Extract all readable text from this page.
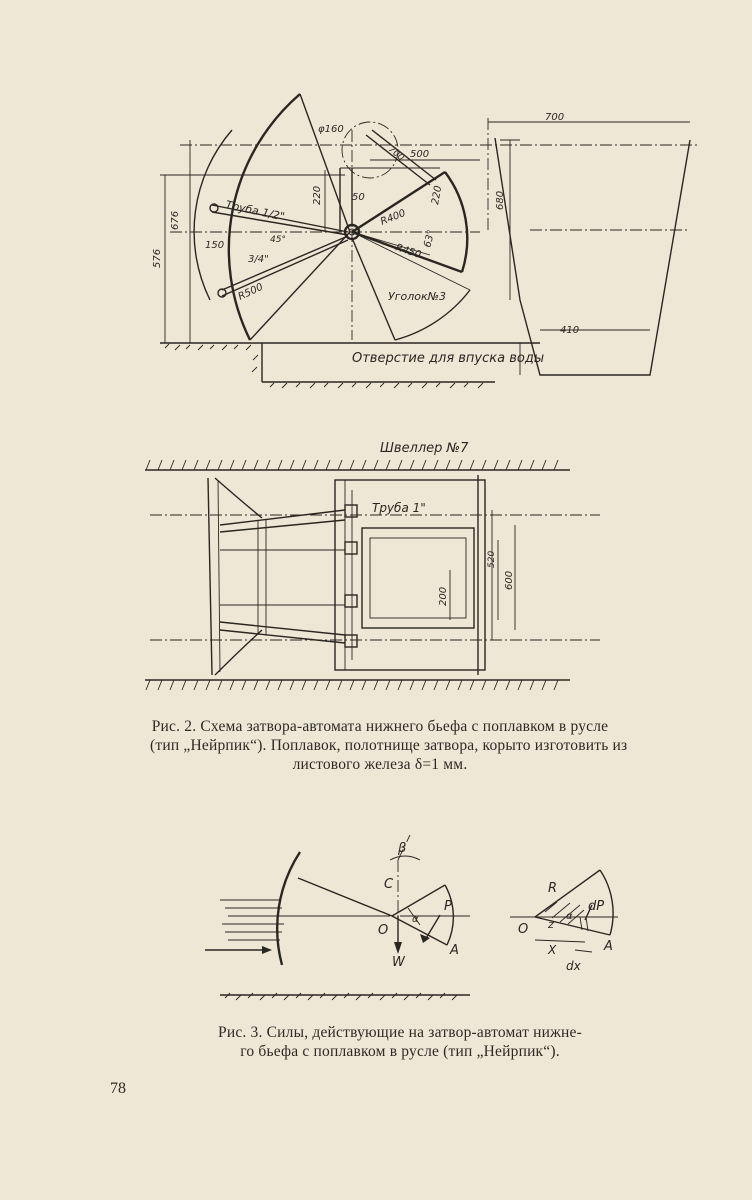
φ160
700
500
700
680
676
576
220	220
50
150
Труба 1/2"
3/4"
R400
R450
R500
63°
45°
Уголок№3
410
Отверстие для впуска воды
Швеллер №7
Труба 1"
600
520
200
Рис. 2. Схема затвора-автомата нижнего бьефа с поплавком в русле
(тип „Нейрпик“). Поплавок, полотнище затвора, корыто изготовить из
листового железа δ=1 мм.
β
C
O
W
P
A
α
R
dP
O z
α
A
X
dx
Рис. 3. Силы, действующие на затвор-автомат нижне-
го бьефа с поплавком в русле (тип „Нейрпик“).
78
